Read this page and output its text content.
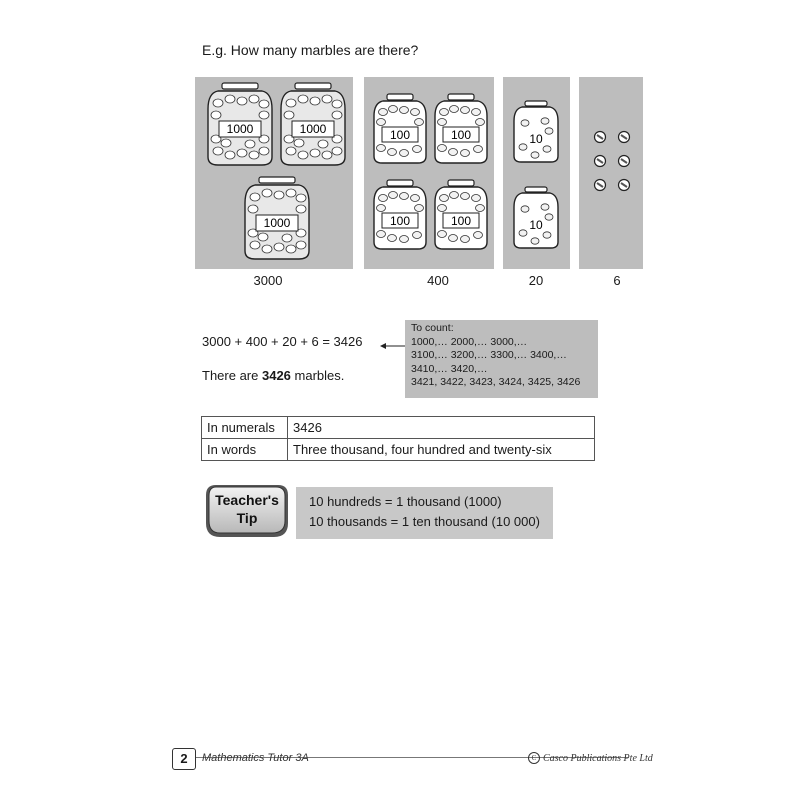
E.g. How many marbles are there?
1000	1000
1000
3000
100	100
100	100
400
10
10
20	6
3000 + 400 + 20 + 6 = 3426
To count:
1000,… 2000,… 3000,…
3100,… 3200,… 3300,… 3400,…
3410,… 3420,…
3421, 3422, 3423, 3424, 3425, 3426
There are 3426 marbles.
In numerals	3426
In words	Three thousand, four hundred and twenty-six
Teacher's
Tip
10 hundreds = 1 thousand (1000)
10 thousands = 1 ten thousand (10 000)
2	Mathematics Tutor 3A	C Casco Publications Pte Ltd
